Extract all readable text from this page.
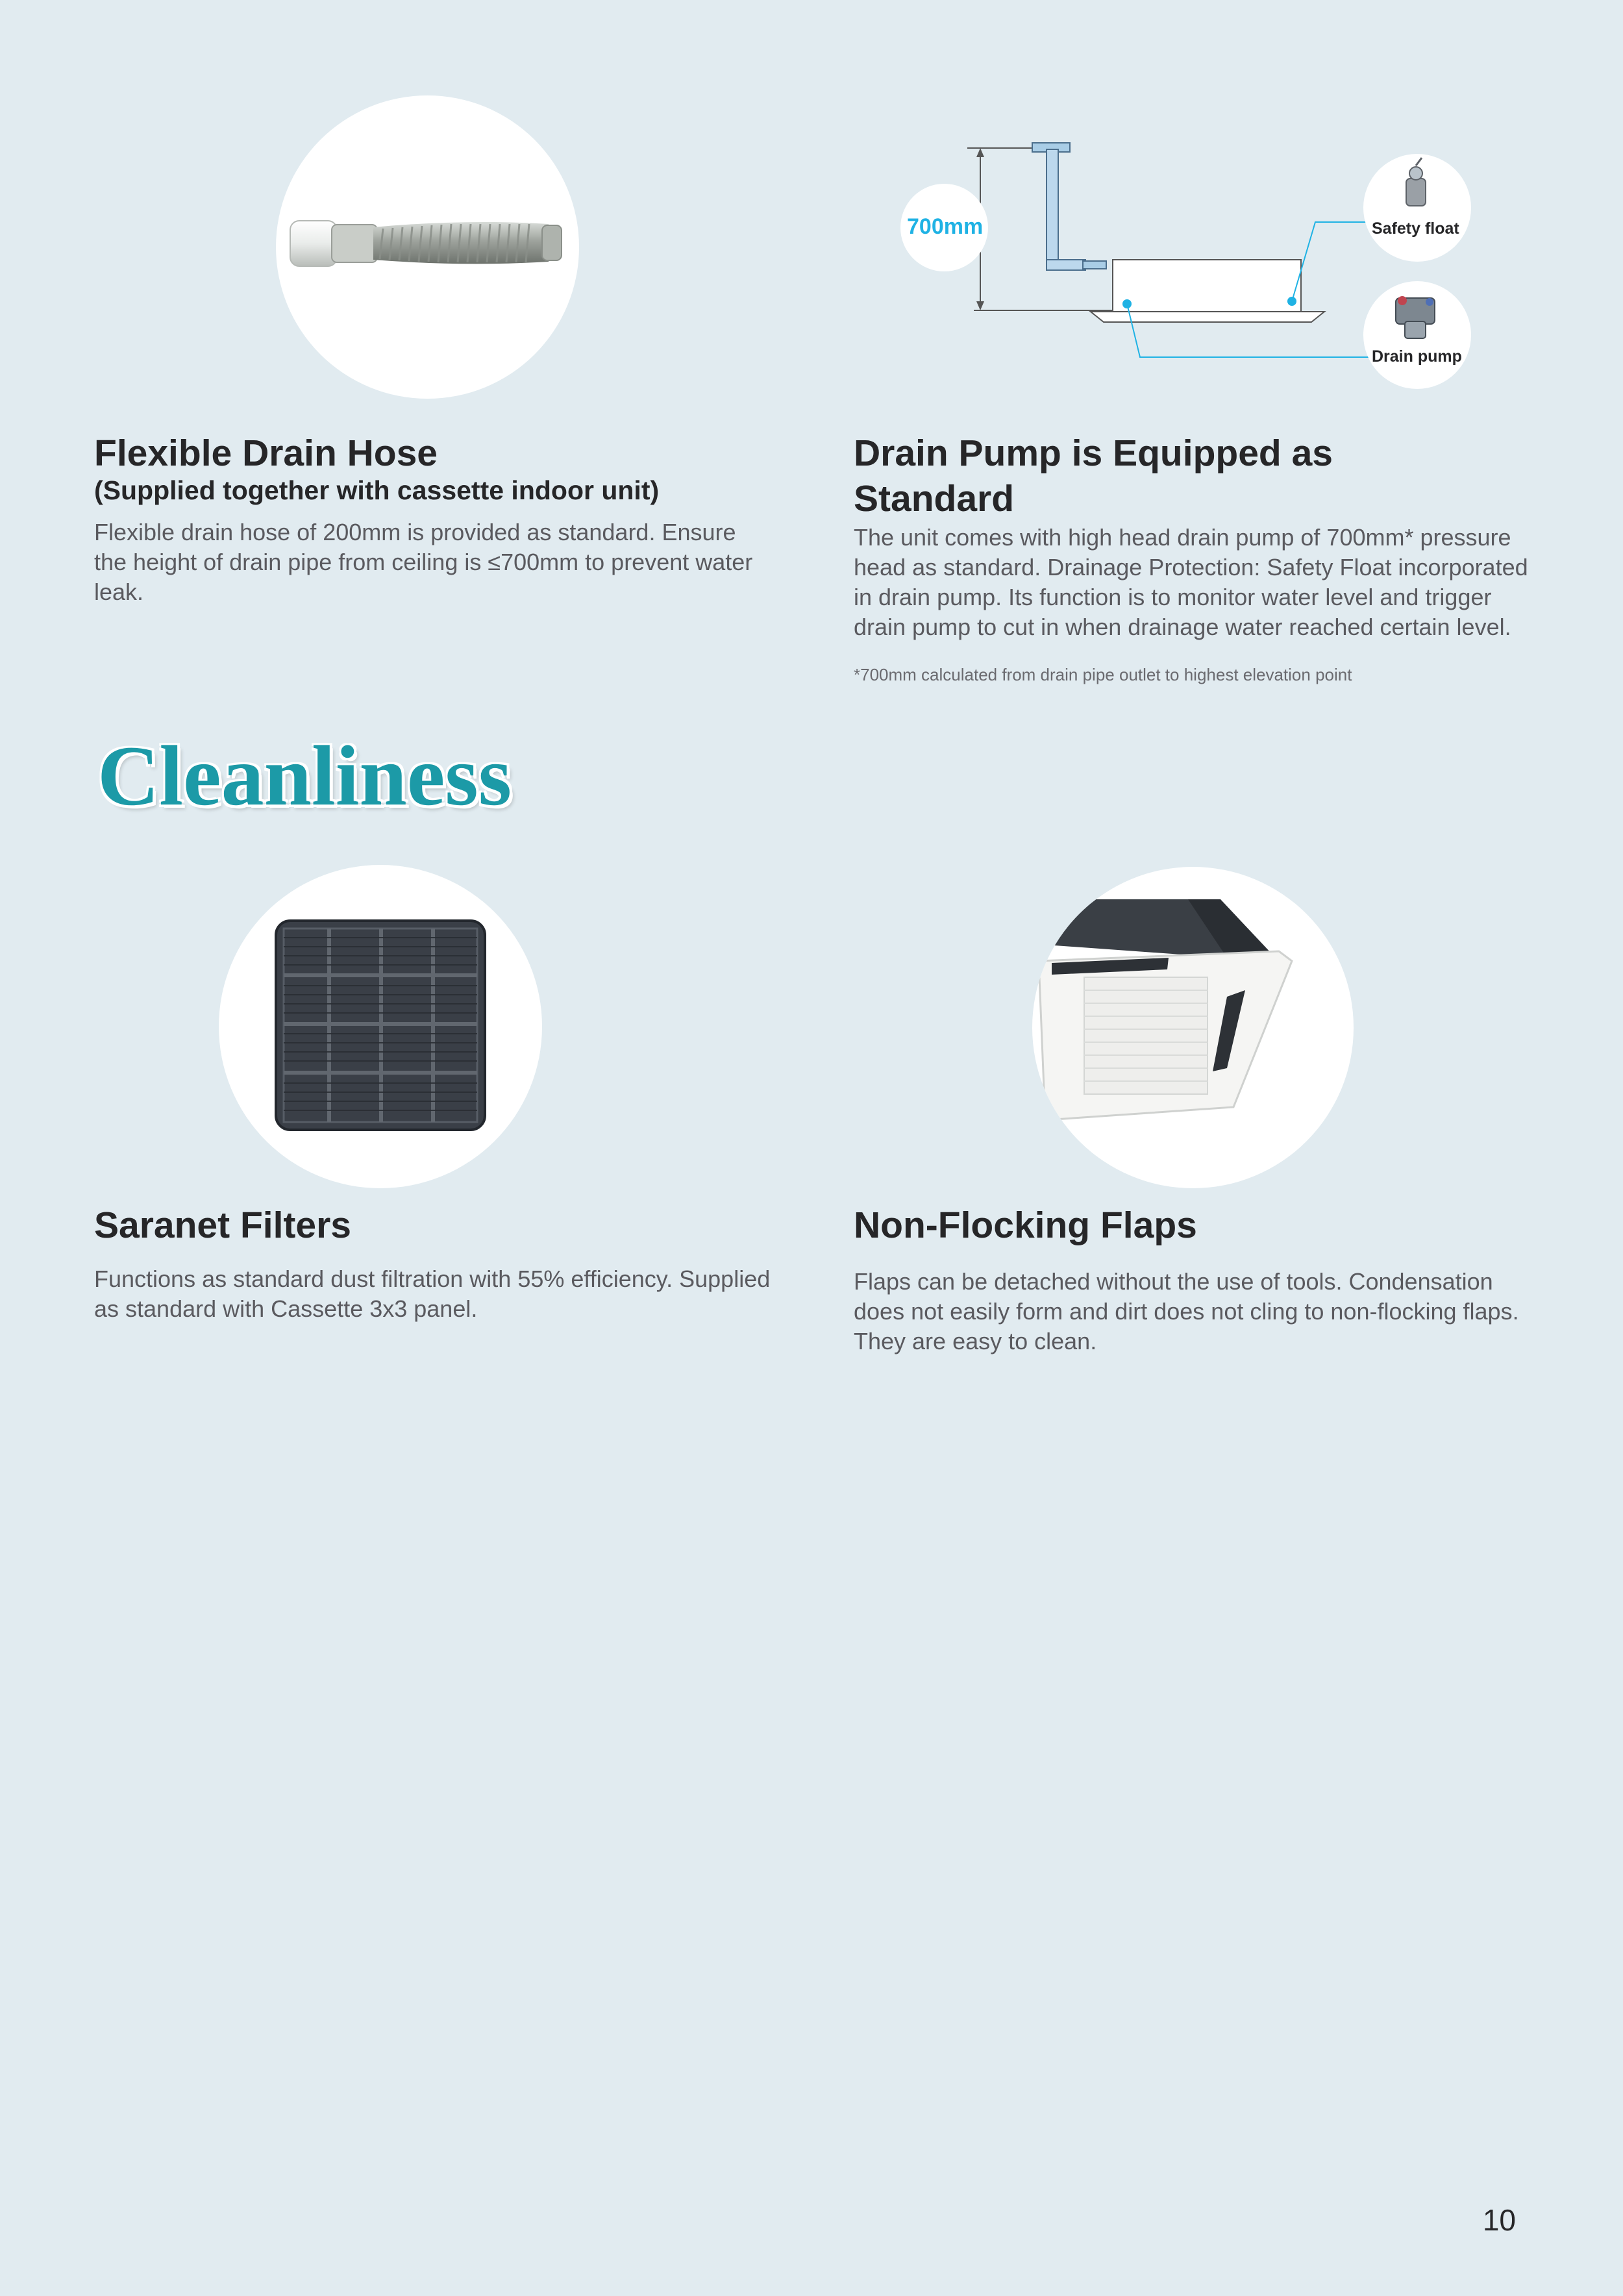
Flexible Drain Hose
(Supplied together with cassette indoor unit)

Flexible drain hose of 200mm is provided as standard. Ensure the height of drain pipe from ceiling is ≤700mm to prevent water leak.

700mm	Safety float
Drain pump
Drain Pump is Equipped as
Standard

The unit comes with high head drain pump of 700mm* pressure head as standard. Drainage Protection: Safety Float incorporated in drain pump. Its function is to monitor water level and trigger drain pump to cut in when drainage water reached certain level.

*700mm calculated from drain pipe outlet to highest elevation point
Cleanliness
Saranet Filters

Functions as standard dust filtration with 55% efficiency. Supplied as standard with Cassette 3x3 panel.

Non-Flocking Flaps

Flaps can be detached without the use of tools. Condensation does not easily form and dirt does not cling to non-flocking flaps. They are easy to clean.

10
